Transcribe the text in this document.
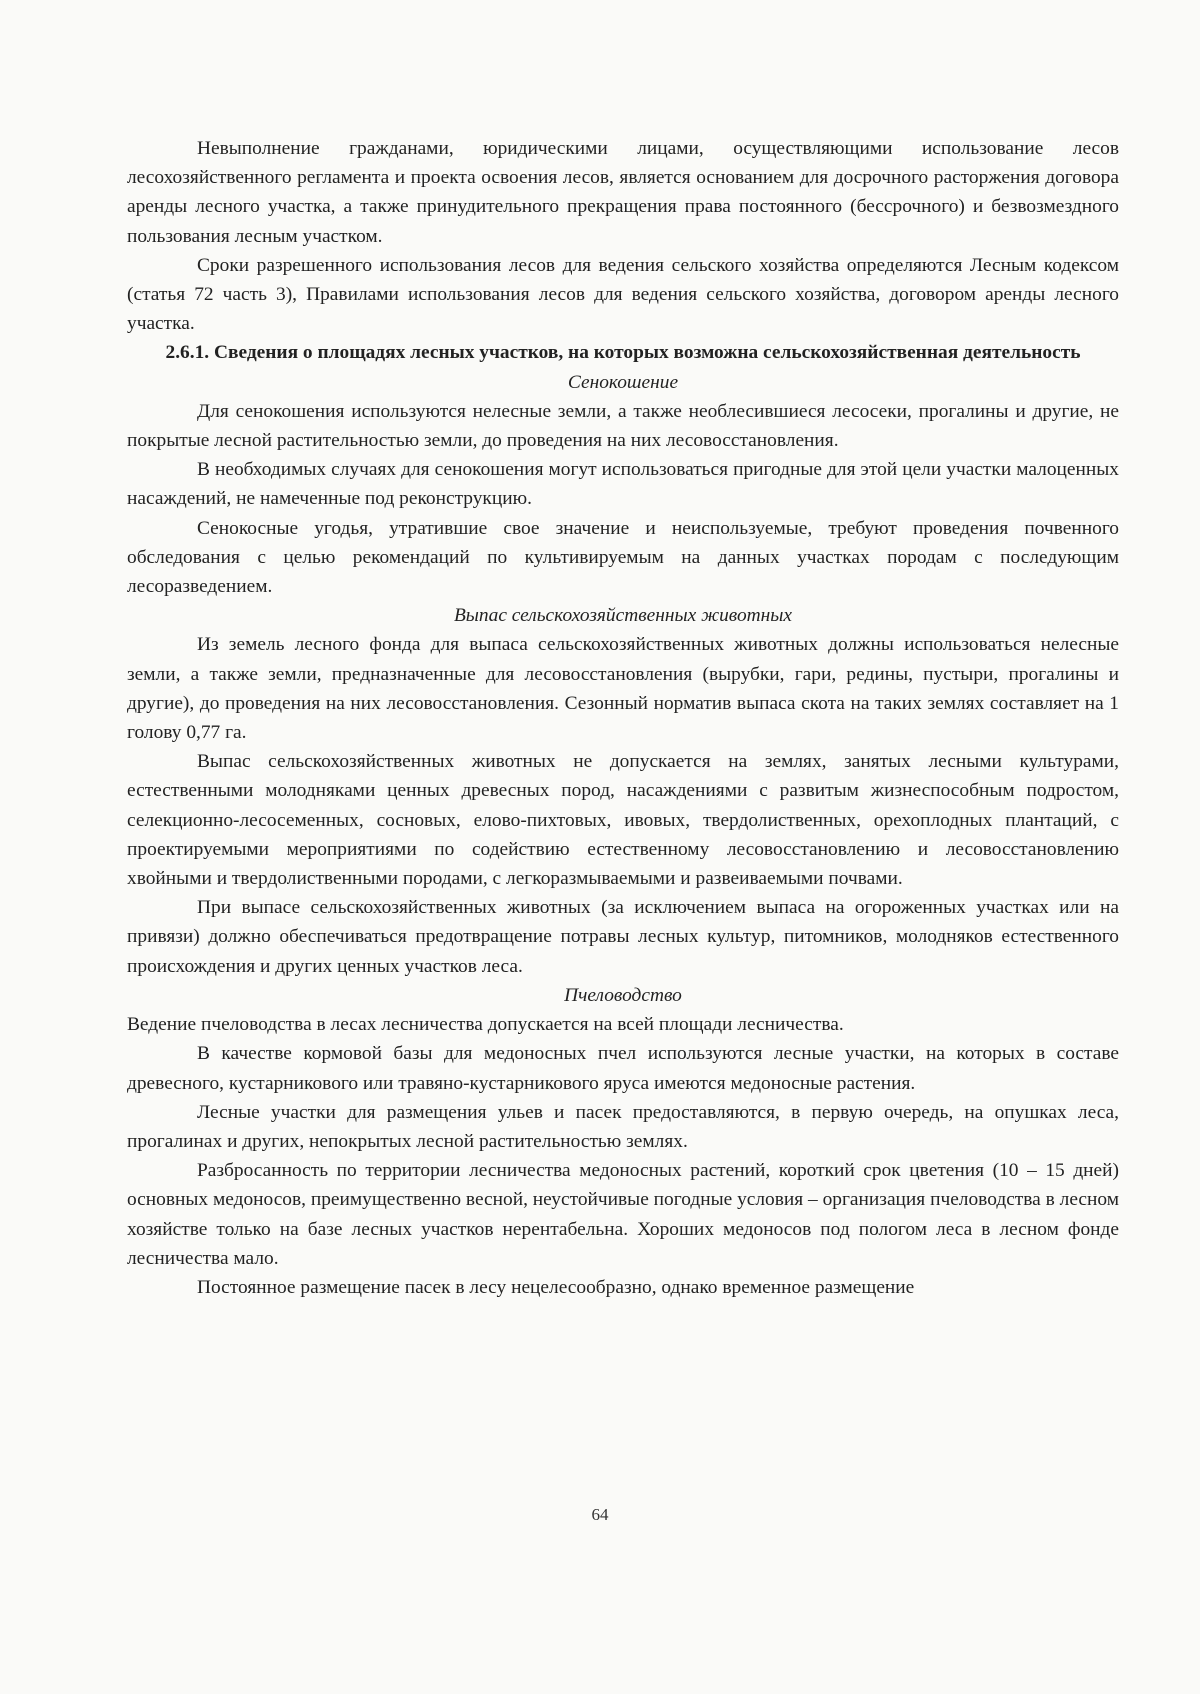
Невыполнение гражданами, юридическими лицами, осуществляющими использование лесов лесохозяйственного регламента и проекта освоения лесов, является основанием для досрочного расторжения договора аренды лесного участка, а также принудительного прекращения права постоянного (бессрочного) и безвозмездного пользования лесным участком.

Сроки разрешенного использования лесов для ведения сельского хозяйства определяются Лесным кодексом (статья 72 часть 3), Правилами использования лесов для ведения сельского хозяйства, договором аренды лесного участка.

2.6.1. Сведения о площадях лесных участков, на которых возможна сельскохозяйственная деятельность

Сенокошение

Для сенокошения используются нелесные земли, а также необлесившиеся лесосеки, прогалины и другие, не покрытые лесной растительностью земли, до проведения на них лесовосстановления.

В необходимых случаях для сенокошения могут использоваться пригодные для этой цели участки малоценных насаждений, не намеченные под реконструкцию.

Сенокосные угодья, утратившие свое значение и неиспользуемые, требуют проведения почвенного обследования с целью рекомендаций по культивируемым на данных участках породам с последующим лесоразведением.

Выпас сельскохозяйственных животных

Из земель лесного фонда для выпаса сельскохозяйственных животных должны использоваться нелесные земли, а также земли, предназначенные для лесовосстановления (вырубки, гари, редины, пустыри, прогалины и другие), до проведения на них лесовосстановления. Сезонный норматив выпаса скота на таких землях составляет на 1 голову 0,77 га.

Выпас сельскохозяйственных животных не допускается на землях, занятых лесными культурами, естественными молодняками ценных древесных пород, насаждениями с развитым жизнеспособным подростом, селекционно-лесосеменных, сосновых, елово-пихтовых, ивовых, твердолиственных, орехоплодных плантаций, с проектируемыми мероприятиями по содействию естественному лесовосстановлению и лесовосстановлению хвойными и твердолиственными породами, с легкоразмываемыми и развеиваемыми почвами.

При выпасе сельскохозяйственных животных (за исключением выпаса на огороженных участках или на привязи) должно обеспечиваться предотвращение потравы лесных культур, питомников, молодняков естественного происхождения и других ценных участков леса.

Пчеловодство

Ведение пчеловодства в лесах лесничества допускается на всей площади лесничества.

В качестве кормовой базы для медоносных пчел используются лесные участки, на которых в составе древесного, кустарникового или травяно-кустарникового яруса имеются медоносные растения.

Лесные участки для размещения ульев и пасек предоставляются, в первую очередь, на опушках леса, прогалинах и других, непокрытых лесной растительностью землях.

Разбросанность по территории лесничества медоносных растений, короткий срок цветения (10 – 15 дней) основных медоносов, преимущественно весной, неустойчивые погодные условия – организация пчеловодства в лесном хозяйстве только на базе лесных участков нерентабельна. Хороших медоносов под пологом леса в лесном фонде лесничества мало.

Постоянное размещение пасек в лесу нецелесообразно, однако временное размещение

64
